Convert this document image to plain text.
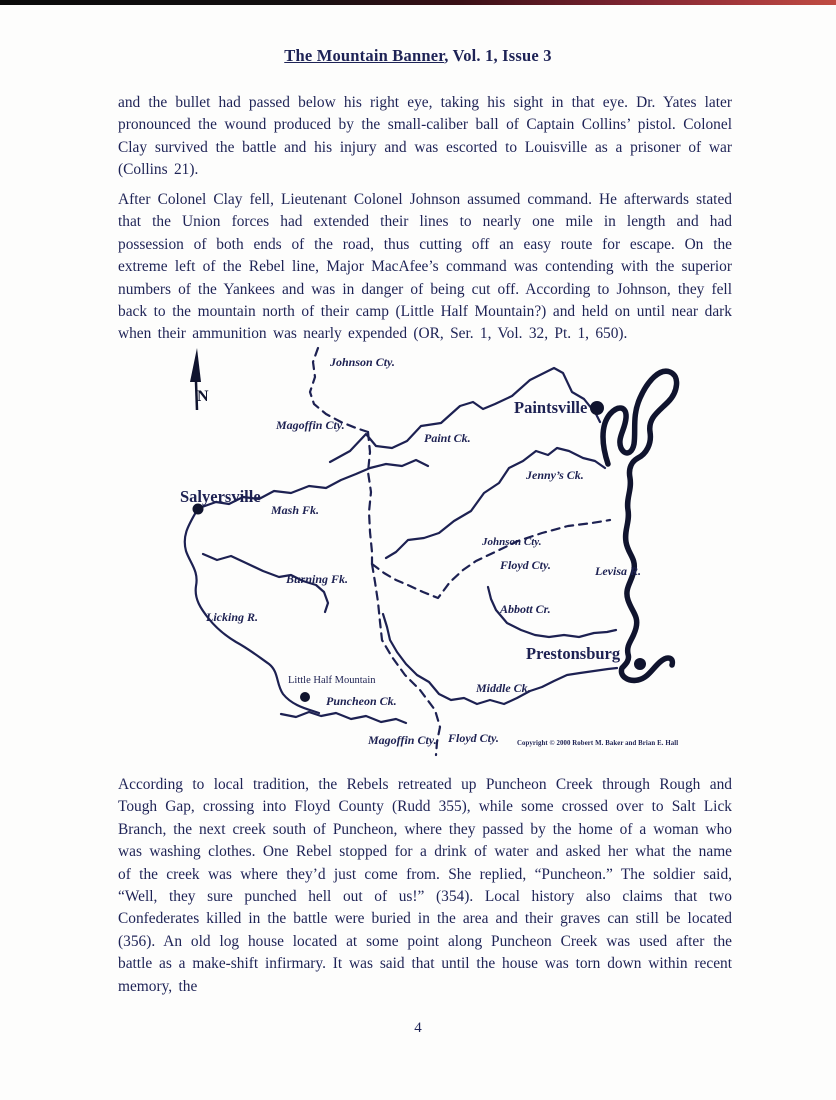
The Mountain Banner, Vol. 1, Issue 3
and the bullet had passed below his right eye, taking his sight in that eye. Dr. Yates later pronounced the wound produced by the small-caliber ball of Captain Collins’ pistol. Colonel Clay survived the battle and his injury and was escorted to Louisville as a prisoner of war (Collins 21).
After Colonel Clay fell, Lieutenant Colonel Johnson assumed command. He afterwards stated that the Union forces had extended their lines to nearly one mile in length and had possession of both ends of the road, thus cutting off an easy route for escape. On the extreme left of the Rebel line, Major MacAfee’s command was contending with the superior numbers of the Yankees and was in danger of being cut off. According to Johnson, they fell back to the mountain north of their camp (Little Half Mountain?) and held on until near dark when their ammunition was nearly expended (OR, Ser. 1, Vol. 32, Pt. 1, 650).
N
Johnson Cty.
Magoffin Cty.
Paint Ck.
Paintsville
Jenny’s Ck.
Salyersville
Mash Fk.
Johnson Cty.
Floyd Cty.	Levisa R.
Burning Fk.
Abbott Cr.
Licking R.
Prestonsburg
Little Half Mountain
Middle Ck.
Puncheon Ck.
Magoffin Cty. Floyd Cty.	Copyright © 2000 Robert M. Baker and Brian E. Hall
According to local tradition, the Rebels retreated up Puncheon Creek through Rough and Tough Gap, crossing into Floyd County (Rudd 355), while some crossed over to Salt Lick Branch, the next creek south of Puncheon, where they passed by the home of a woman who was washing clothes. One Rebel stopped for a drink of water and asked her what the name of the creek was where they’d just come from. She replied, “Puncheon.” The soldier said, “Well, they sure punched hell out of us!” (354). Local history also claims that two Confederates killed in the battle were buried in the area and their graves can still be located (356). An old log house located at some point along Puncheon Creek was used after the battle as a make-shift infirmary. It was said that until the house was torn down within recent memory, the
4
